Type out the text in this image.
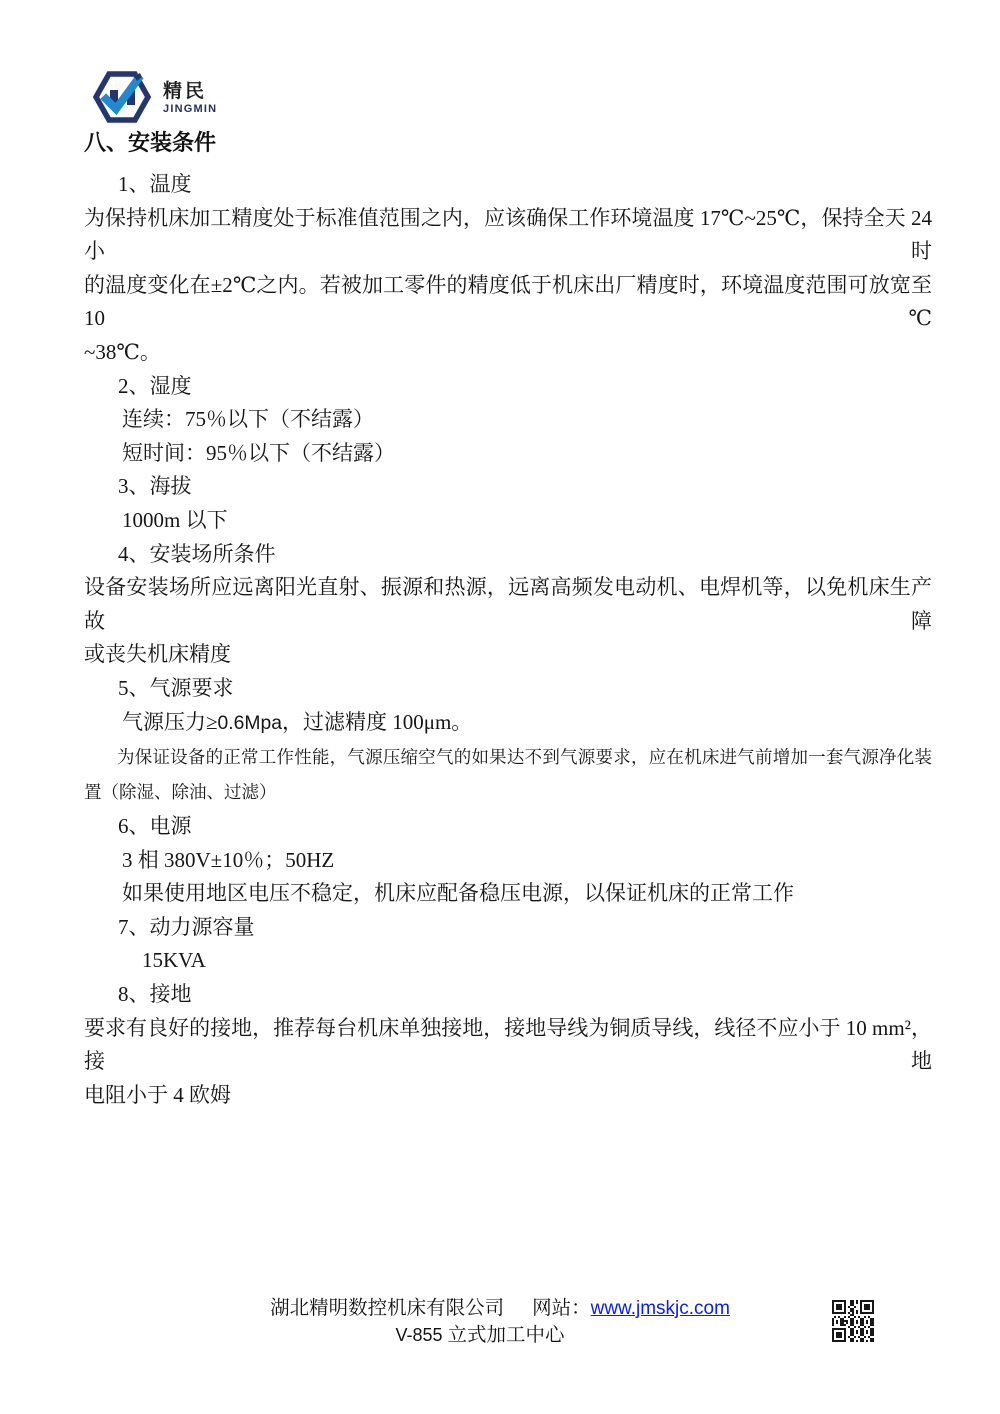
精民
JINGMIN
八、安装条件
1、温度
为保持机床加工精度处于标准值范围之内，应该确保工作环境温度 17℃~25℃，保持全天 24 小时
的温度变化在±2℃之内。若被加工零件的精度低于机床出厂精度时，环境温度范围可放宽至 10℃
~38℃。
2、湿度
连续：75％以下（不结露）
短时间：95％以下（不结露）
3、海拔
1000m 以下
4、安装场所条件
设备安装场所应远离阳光直射、振源和热源，远离高频发电动机、电焊机等，以免机床生产故障
或丧失机床精度
5、气源要求
气源压力≥0.6Mpa，过滤精度 100μm。
为保证设备的正常工作性能，气源压缩空气的如果达不到气源要求，应在机床进气前增加一套气源净化装
置（除湿、除油、过滤）
6、电源
3 相 380V±10％；50HZ
如果使用地区电压不稳定，机床应配备稳压电源，以保证机床的正常工作
7、动力源容量
15KVA
8、接地
要求有良好的接地，推荐每台机床单独接地，接地导线为铜质导线，线径不应小于 10 mm²，接地
电阻小于 4 欧姆
湖北精明数控机床有限公司 网站：www.jmskjc.com
V-855 立式加工中心
